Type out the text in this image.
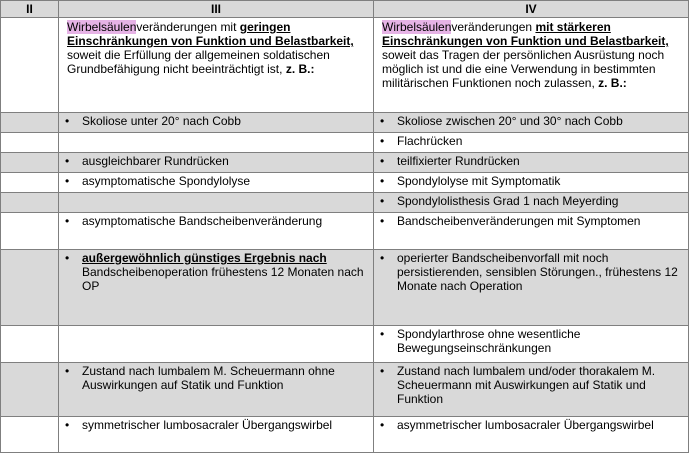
II	III	IV
	Wirbelsäulenveränderungen mit geringen Einschränkungen von Funktion und Belastbarkeit, soweit die Erfüllung der allgemeinen soldatischen Grundbefähigung nicht beeinträchtigt ist, z. B.:	Wirbelsäulenveränderungen mit stärkeren Einschränkungen von Funktion und Belastbarkeit, soweit das Tragen der persönlichen Ausrüstung noch möglich ist und die eine Verwendung in bestimmten militärischen Funktionen noch zulassen, z. B.:

	• Skoliose unter 20° nach Cobb	• Skoliose zwischen 20° und 30° nach Cobb

		• Flachrücken

	• ausgleichbarer Rundrücken	• teilfixierter Rundrücken

	• asymptomatische Spondylolyse	• Spondylolyse mit Symptomatik

		• Spondylolisthesis Grad 1 nach Meyerding

	• asymptomatische Bandscheibenveränderung	• Bandscheibenveränderungen mit Symptomen

	• außergewöhnlich günstiges Ergebnis nach
Bandscheibenoperation frühestens 12 Monaten nach OP	• operierter Bandscheibenvorfall mit noch persistierenden, sensiblen Störungen., frühestens 12 Monate nach Operation

		• Spondylarthrose ohne wesentliche Bewegungseinschränkungen

	• Zustand nach lumbalem M. Scheuermann ohne Auswirkungen auf Statik und Funktion	• Zustand nach lumbalem und/oder thorakalem M. Scheuermann mit Auswirkungen auf Statik und Funktion

	• symmetrischer lumbosacraler Übergangswirbel	• asymmetrischer lumbosacraler Übergangswirbel
